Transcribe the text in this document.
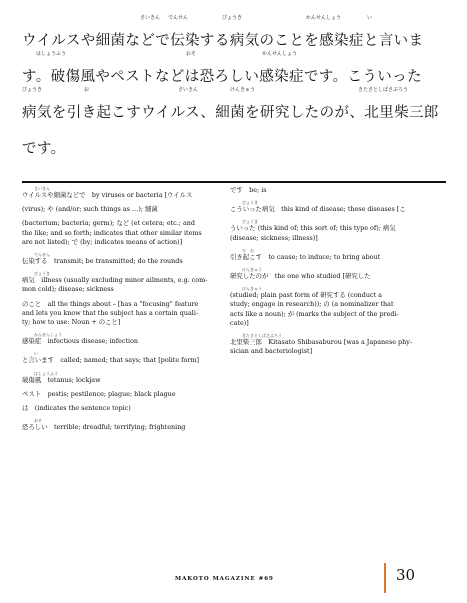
さいきん でんせん	びょうき	かんせんしょう	い
ウイルスや細菌などで伝染する病気のことを感染症と言いま
はしょうふう	おそ	かんせんしょう
す。破傷風やペストなどは恐ろしい感染症です。こういった
びょうき	お	さいきん	けんきゅう	きたさとしばさぶろう
病気を引き起こすウイルス、細菌を研究したのが、北里柴三郎
です。
さいきん
ウイルスや細菌などで  by viruses or bacteria [ウイルス
(virus); や (and/or; such things as …); 細菌
(bacterium; bacteria; germ); など (et cetera; etc.; and
the like; and so forth; indicates that other similar items
are not listed); で (by; indicates means of action)]
でんせん
伝染する  transmit; be transmitted; do the rounds
びょうき
病気  illness (usually excluding minor ailments, e.g. com-
mon cold); disease; sickness
のこと  all the things about – [has a "focusing" feature
and lets you know that the subject has a certain quali-
ty; how to use: Noun + のこと]
かんせんしょう
感染症  infectious disease; infection
い
と言います  called; named; that says; that [polite form]
はしょうふう
破傷風  tetanus; lockjaw
ペスト  pestis; pestilence; plague; black plague
は  (indicates the sentence topic)
おそ
恐ろしい  terrible; dreadful; terrifying; frightening
です  be; is
びょうき
こういった病気  this kind of disease; these diseases [こ
びょうき
ういった (this kind of; this sort of; this type of); 病気
(disease; sickness; illness)]
ひ　お
引き起こす  to cause; to induce; to bring about
けんきゅう
研究したのが  the one who studied [研究した
けんきゅう
(studied; plain past form of 研究する (conduct a
study; engage in research)); の (a nominalizer that
acts like a noun); が (marks the subject of the predi-
cate)]
きたさとしばさぶろう
北里柴三郎  Kitasato Shibasaburou [was a Japanese phy-
sician and bacteriologist]
MAKOTO MAGAZINE #69	30
